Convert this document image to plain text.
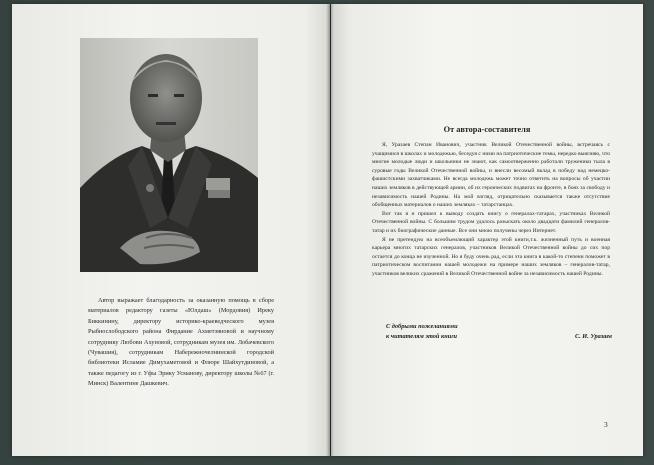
Автор выражает благодарность за оказанную помощь в сборе материалов редактору газеты «Юлдаш» (Мордовия) Иреку Биккинину, директору историко-краеведческого музея Рыбнослободского района Фирдание Ахметзяновой и научному сотруднику Любови Ахуновой, сотрудникам музея им. Лобачевского (Чувашия), сотрудникам Набережночелнинской городской библиотеки Исламие Димухаметовой и Флюре Шайхутдиновой, а также педагогу из г. Уфы Эрику Усманову, директору школы №67 (г. Минск) Валентине Дашкевич.
От автора-составителя

Я, Уразаев Степан Иванович, участник Великой Отечественной войны, встречаясь с учащимися в школах и молодежью, беседуя с ними на патриотические темы, нередко выясняю, что многие молодые люди и школьники не знают, как самоотверженно работали труженики тыла в суровые годы Великой Отечественной войны, и внесли весомый вклад в победу над немецко-фашистскими захватчиками. Не всегда молодежь может точно ответить на вопросы об участии наших земляков в действующей армии, об их героических подвигах на фронте, в боях за свободу и независимость нашей Родины. На мой взгляд, отрицательно сказывается также отсутствие обобщенных материалов о наших земляках – татарстанцах.

Вот так я и пришел к выводу создать книгу о генералах-татарах, участниках Великой Отечественной войны. С большим трудом удалось разыскать около двадцати фамилий генералов-татар и их биографические данные. Все они мною получены через Интернет.

Я не претендую на всеобъемлющий характер этой книги,т.к. жизненный путь и военная карьера многих татарских генералов, участников Великой Отечественной войны до сих пор остается до конца не изученной. Но я буду очень рад, если эта книга в какой-то степени поможет в патриотическом воспитании нашей молодежи на примере наших земляков – генералов-татар, участников великих сражений в Великой Отечественной войне за независимость нашей Родины.

С добрыми пожеланиями
к читателям этой книги	С. И. Уразаев
3
